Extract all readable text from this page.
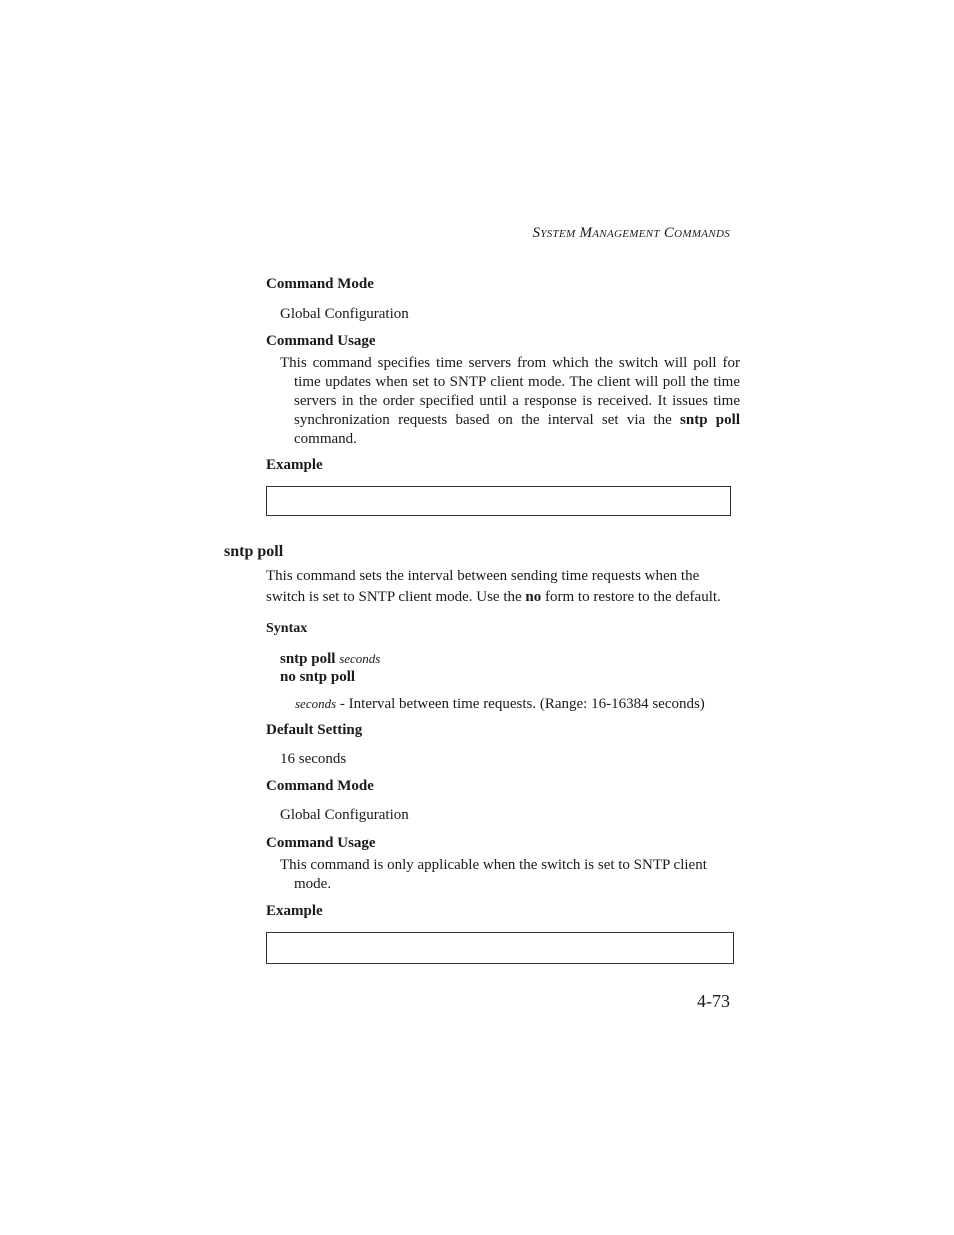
System Management Commands

Command Mode

Global Configuration

Command Usage

This command specifies time servers from which the switch will poll for time updates when set to SNTP client mode. The client will poll the time servers in the order specified until a response is received. It issues time synchronization requests based on the interval set via the sntp poll command.

Example

sntp poll

This command sets the interval between sending time requests when the switch is set to SNTP client mode. Use the no form to restore to the default.

Syntax

sntp poll seconds

no sntp poll

seconds - Interval between time requests. (Range: 16-16384 seconds)

Default Setting

16 seconds

Command Mode

Global Configuration

Command Usage

This command is only applicable when the switch is set to SNTP client mode.

Example

4-73
